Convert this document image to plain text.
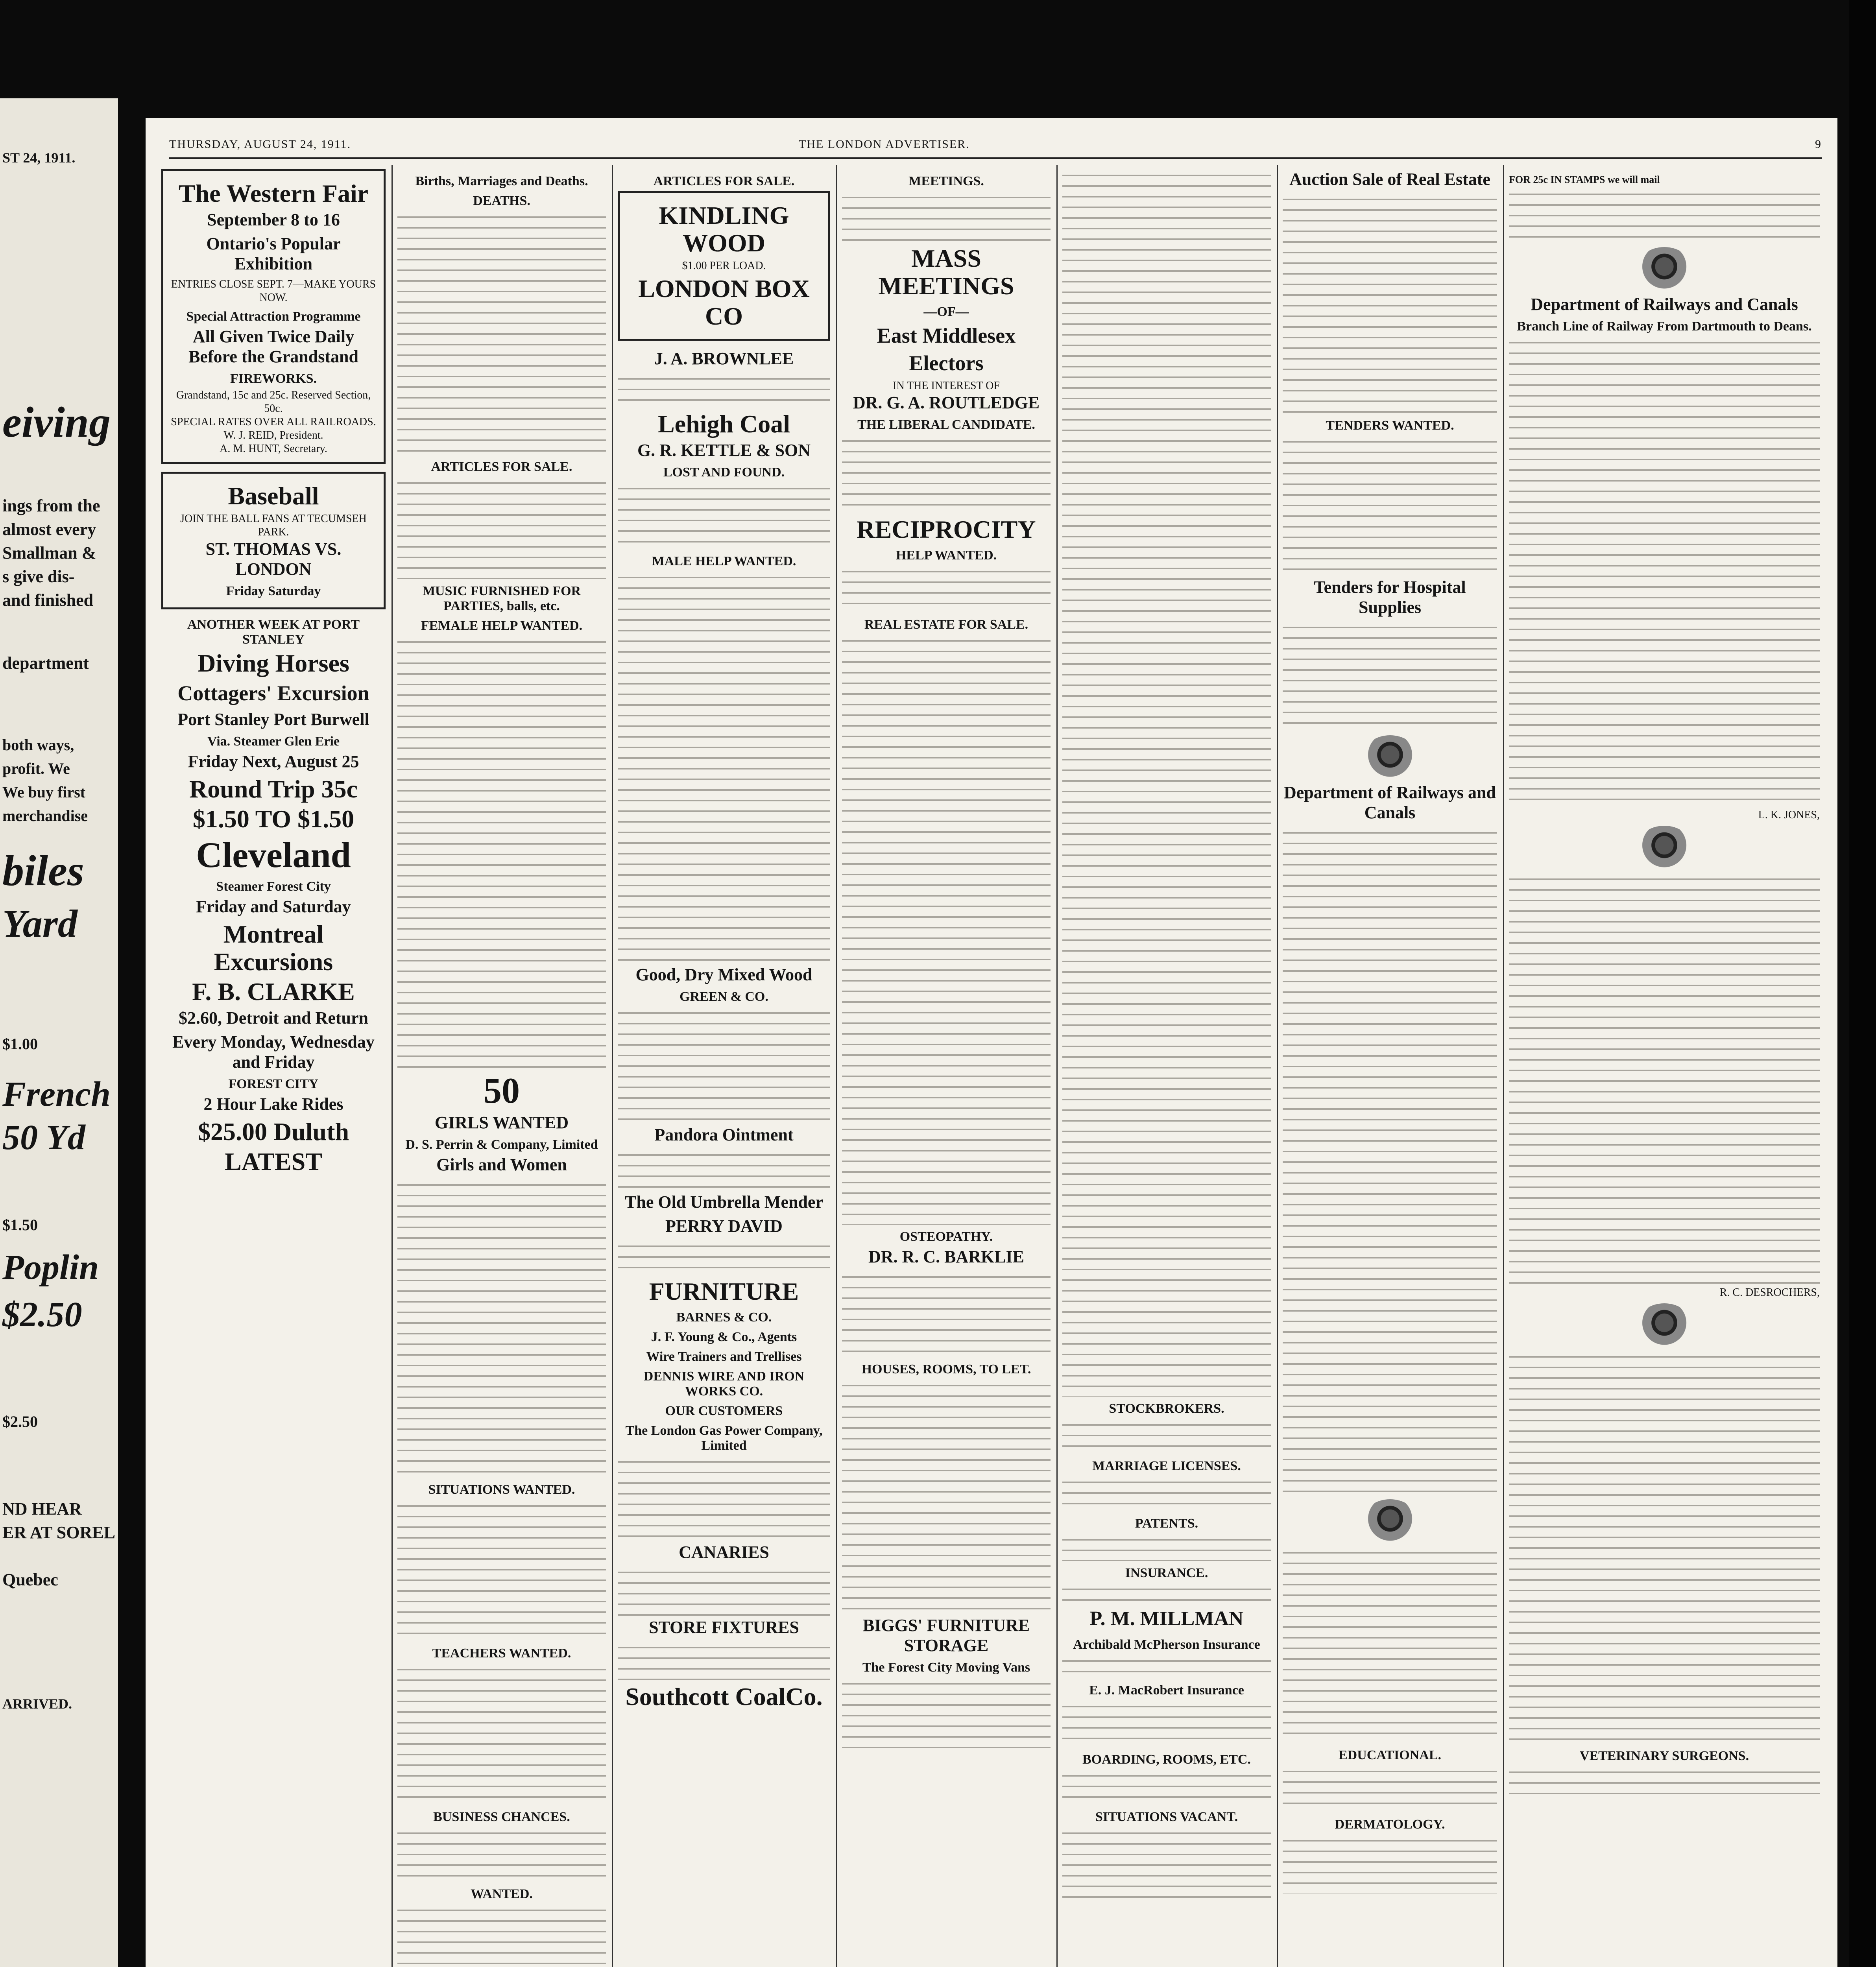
ST 24, 1911.
eiving
ings from the
almost every
Smallman &
s give dis-
and finished
department
both ways,
profit. We
We buy first
merchandise
biles
Yard
French
50 Yd
Poplin
$2.50
$1.00
$1.50
$2.50
ND HEAR
ER AT SOREL
Quebec
ARRIVED.
THURSDAY, AUGUST 24, 1911.	THE LONDON ADVERTISER.	9
The Western Fair
September 8 to 16
Ontario's Popular Exhibition
ENTRIES CLOSE SEPT. 7—MAKE YOURS NOW.
Special Attraction Programme
All Given Twice Daily Before the Grandstand
FIREWORKS.
Grandstand, 15c and 25c. Reserved Section, 50c.
SPECIAL RATES OVER ALL RAILROADS.
W. J. REID, President.
A. M. HUNT, Secretary.
Baseball
JOIN THE BALL FANS AT TECUMSEH PARK.
ST. THOMAS VS. LONDON
Friday Saturday
ANOTHER WEEK AT PORT STANLEY
Diving Horses
Cottagers' Excursion
Port Stanley Port Burwell
Via. Steamer Glen Erie
Friday Next, August 25
Round Trip 35c
$1.50 TO $1.50
Cleveland
Steamer Forest City
Friday and Saturday
Montreal Excursions
F. B. CLARKE
$2.60, Detroit and Return
Every Monday, Wednesday and Friday
FOREST CITY
2 Hour Lake Rides
$25.00 Duluth
LATEST
Births, Marriages and Deaths.
DEATHS.
ARTICLES FOR SALE.
MUSIC FURNISHED FOR PARTIES, balls, etc.
FEMALE HELP WANTED.
50
GIRLS WANTED
D. S. Perrin & Company, Limited
Girls and Women
SITUATIONS WANTED.
TEACHERS WANTED.
BUSINESS CHANCES.
WANTED.
ARTICLES FOR SALE.
KINDLING WOOD
$1.00 PER LOAD.
LONDON BOX CO
J. A. BROWNLEE
Lehigh Coal
G. R. KETTLE & SON
LOST AND FOUND.
MALE HELP WANTED.
Good, Dry Mixed Wood
GREEN & CO.
Pandora Ointment
The Old Umbrella Mender
PERRY DAVID
FURNITURE
BARNES & CO.
J. F. Young & Co., Agents
Wire Trainers and Trellises
DENNIS WIRE AND IRON WORKS CO.
OUR CUSTOMERS
The London Gas Power Company, Limited
CANARIES
STORE FIXTURES
Southcott CoalCo.
MEETINGS.
MASS MEETINGS
—OF—
East Middlesex Electors
IN THE INTEREST OF
DR. G. A. ROUTLEDGE
THE LIBERAL CANDIDATE.
RECIPROCITY
HELP WANTED.
REAL ESTATE FOR SALE.
OSTEOPATHY.
DR. R. C. BARKLIE
HOUSES, ROOMS, TO LET.
BIGGS' FURNITURE STORAGE
The Forest City Moving Vans
STOCKBROKERS.
MARRIAGE LICENSES.
PATENTS.
INSURANCE.
P. M. MILLMAN
Archibald McPherson Insurance
E. J. MacRobert Insurance
BOARDING, ROOMS, ETC.
SITUATIONS VACANT.
Auction Sale of Real Estate
TENDERS WANTED.
Tenders for Hospital Supplies
Department of Railways and Canals
EDUCATIONAL.
DERMATOLOGY.
FOR 25c IN STAMPS we will mail
Department of Railways and Canals
Branch Line of Railway From Dartmouth to Deans.
L. K. JONES,
R. C. DESROCHERS,
VETERINARY SURGEONS.
